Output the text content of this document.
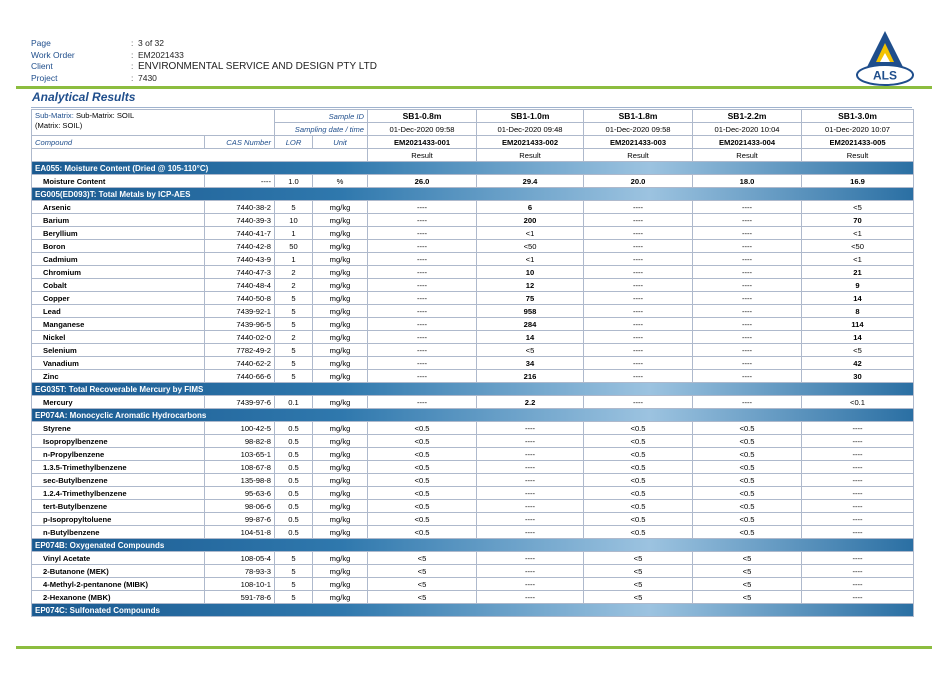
Page	: 3 of 32
Work Order	: EM2021433
Client	: ENVIRONMENTAL SERVICE AND DESIGN PTY LTD
Project	: 7430	ALS
Analytical Results
Sub-Matrix: Sub-Matrix: SOIL
(Matrix: SOIL)		Sample ID		SB1-0.8m	SB1-1.0m	SB1-1.8m	SB1-2.2m	SB1-3.0m
		Sampling date / time		01-Dec-2020 09:58	01-Dec-2020 09:48	01-Dec-2020 09:58	01-Dec-2020 10:04	01-Dec-2020 10:07
Compound	CAS Number	LOR	Unit	EM2021433-001	EM2021433-002	EM2021433-003	EM2021433-004	EM2021433-005
				Result	Result	Result	Result	Result
EA055: Moisture Content (Dried @ 105-110°C)								
Moisture Content	----	1.0	%	26.0	29.4	20.0	18.0	16.9
EG005(ED093)T: Total Metals by ICP-AES								
Arsenic	7440-38-2	5	mg/kg	----	6	----	----	<5
Barium	7440-39-3	10	mg/kg	----	200	----	----	70
Beryllium	7440-41-7	1	mg/kg	----	<1	----	----	<1
Boron	7440-42-8	50	mg/kg	----	<50	----	----	<50
Cadmium	7440-43-9	1	mg/kg	----	<1	----	----	<1
Chromium	7440-47-3	2	mg/kg	----	10	----	----	21
Cobalt	7440-48-4	2	mg/kg	----	12	----	----	9
Copper	7440-50-8	5	mg/kg	----	75	----	----	14
Lead	7439-92-1	5	mg/kg	----	958	----	----	8
Manganese	7439-96-5	5	mg/kg	----	284	----	----	114
Nickel	7440-02-0	2	mg/kg	----	14	----	----	14
Selenium	7782-49-2	5	mg/kg	----	<5	----	----	<5
Vanadium	7440-62-2	5	mg/kg	----	34	----	----	42
Zinc	7440-66-6	5	mg/kg	----	216	----	----	30
EG035T: Total Recoverable Mercury by FIMS								
Mercury	7439-97-6	0.1	mg/kg	----	2.2	----	----	<0.1
EP074A: Monocyclic Aromatic Hydrocarbons								
Styrene	100-42-5	0.5	mg/kg	<0.5	----	<0.5	<0.5	----
Isopropylbenzene	98-82-8	0.5	mg/kg	<0.5	----	<0.5	<0.5	----
n-Propylbenzene	103-65-1	0.5	mg/kg	<0.5	----	<0.5	<0.5	----
1.3.5-Trimethylbenzene	108-67-8	0.5	mg/kg	<0.5	----	<0.5	<0.5	----
sec-Butylbenzene	135-98-8	0.5	mg/kg	<0.5	----	<0.5	<0.5	----
1.2.4-Trimethylbenzene	95-63-6	0.5	mg/kg	<0.5	----	<0.5	<0.5	----
tert-Butylbenzene	98-06-6	0.5	mg/kg	<0.5	----	<0.5	<0.5	----
p-Isopropyltoluene	99-87-6	0.5	mg/kg	<0.5	----	<0.5	<0.5	----
n-Butylbenzene	104-51-8	0.5	mg/kg	<0.5	----	<0.5	<0.5	----
EP074B: Oxygenated Compounds								
Vinyl Acetate	108-05-4	5	mg/kg	<5	----	<5	<5	----
2-Butanone (MEK)	78-93-3	5	mg/kg	<5	----	<5	<5	----
4-Methyl-2-pentanone (MIBK)	108-10-1	5	mg/kg	<5	----	<5	<5	----
2-Hexanone (MBK)	591-78-6	5	mg/kg	<5	----	<5	<5	----
EP074C: Sulfonated Compounds								
